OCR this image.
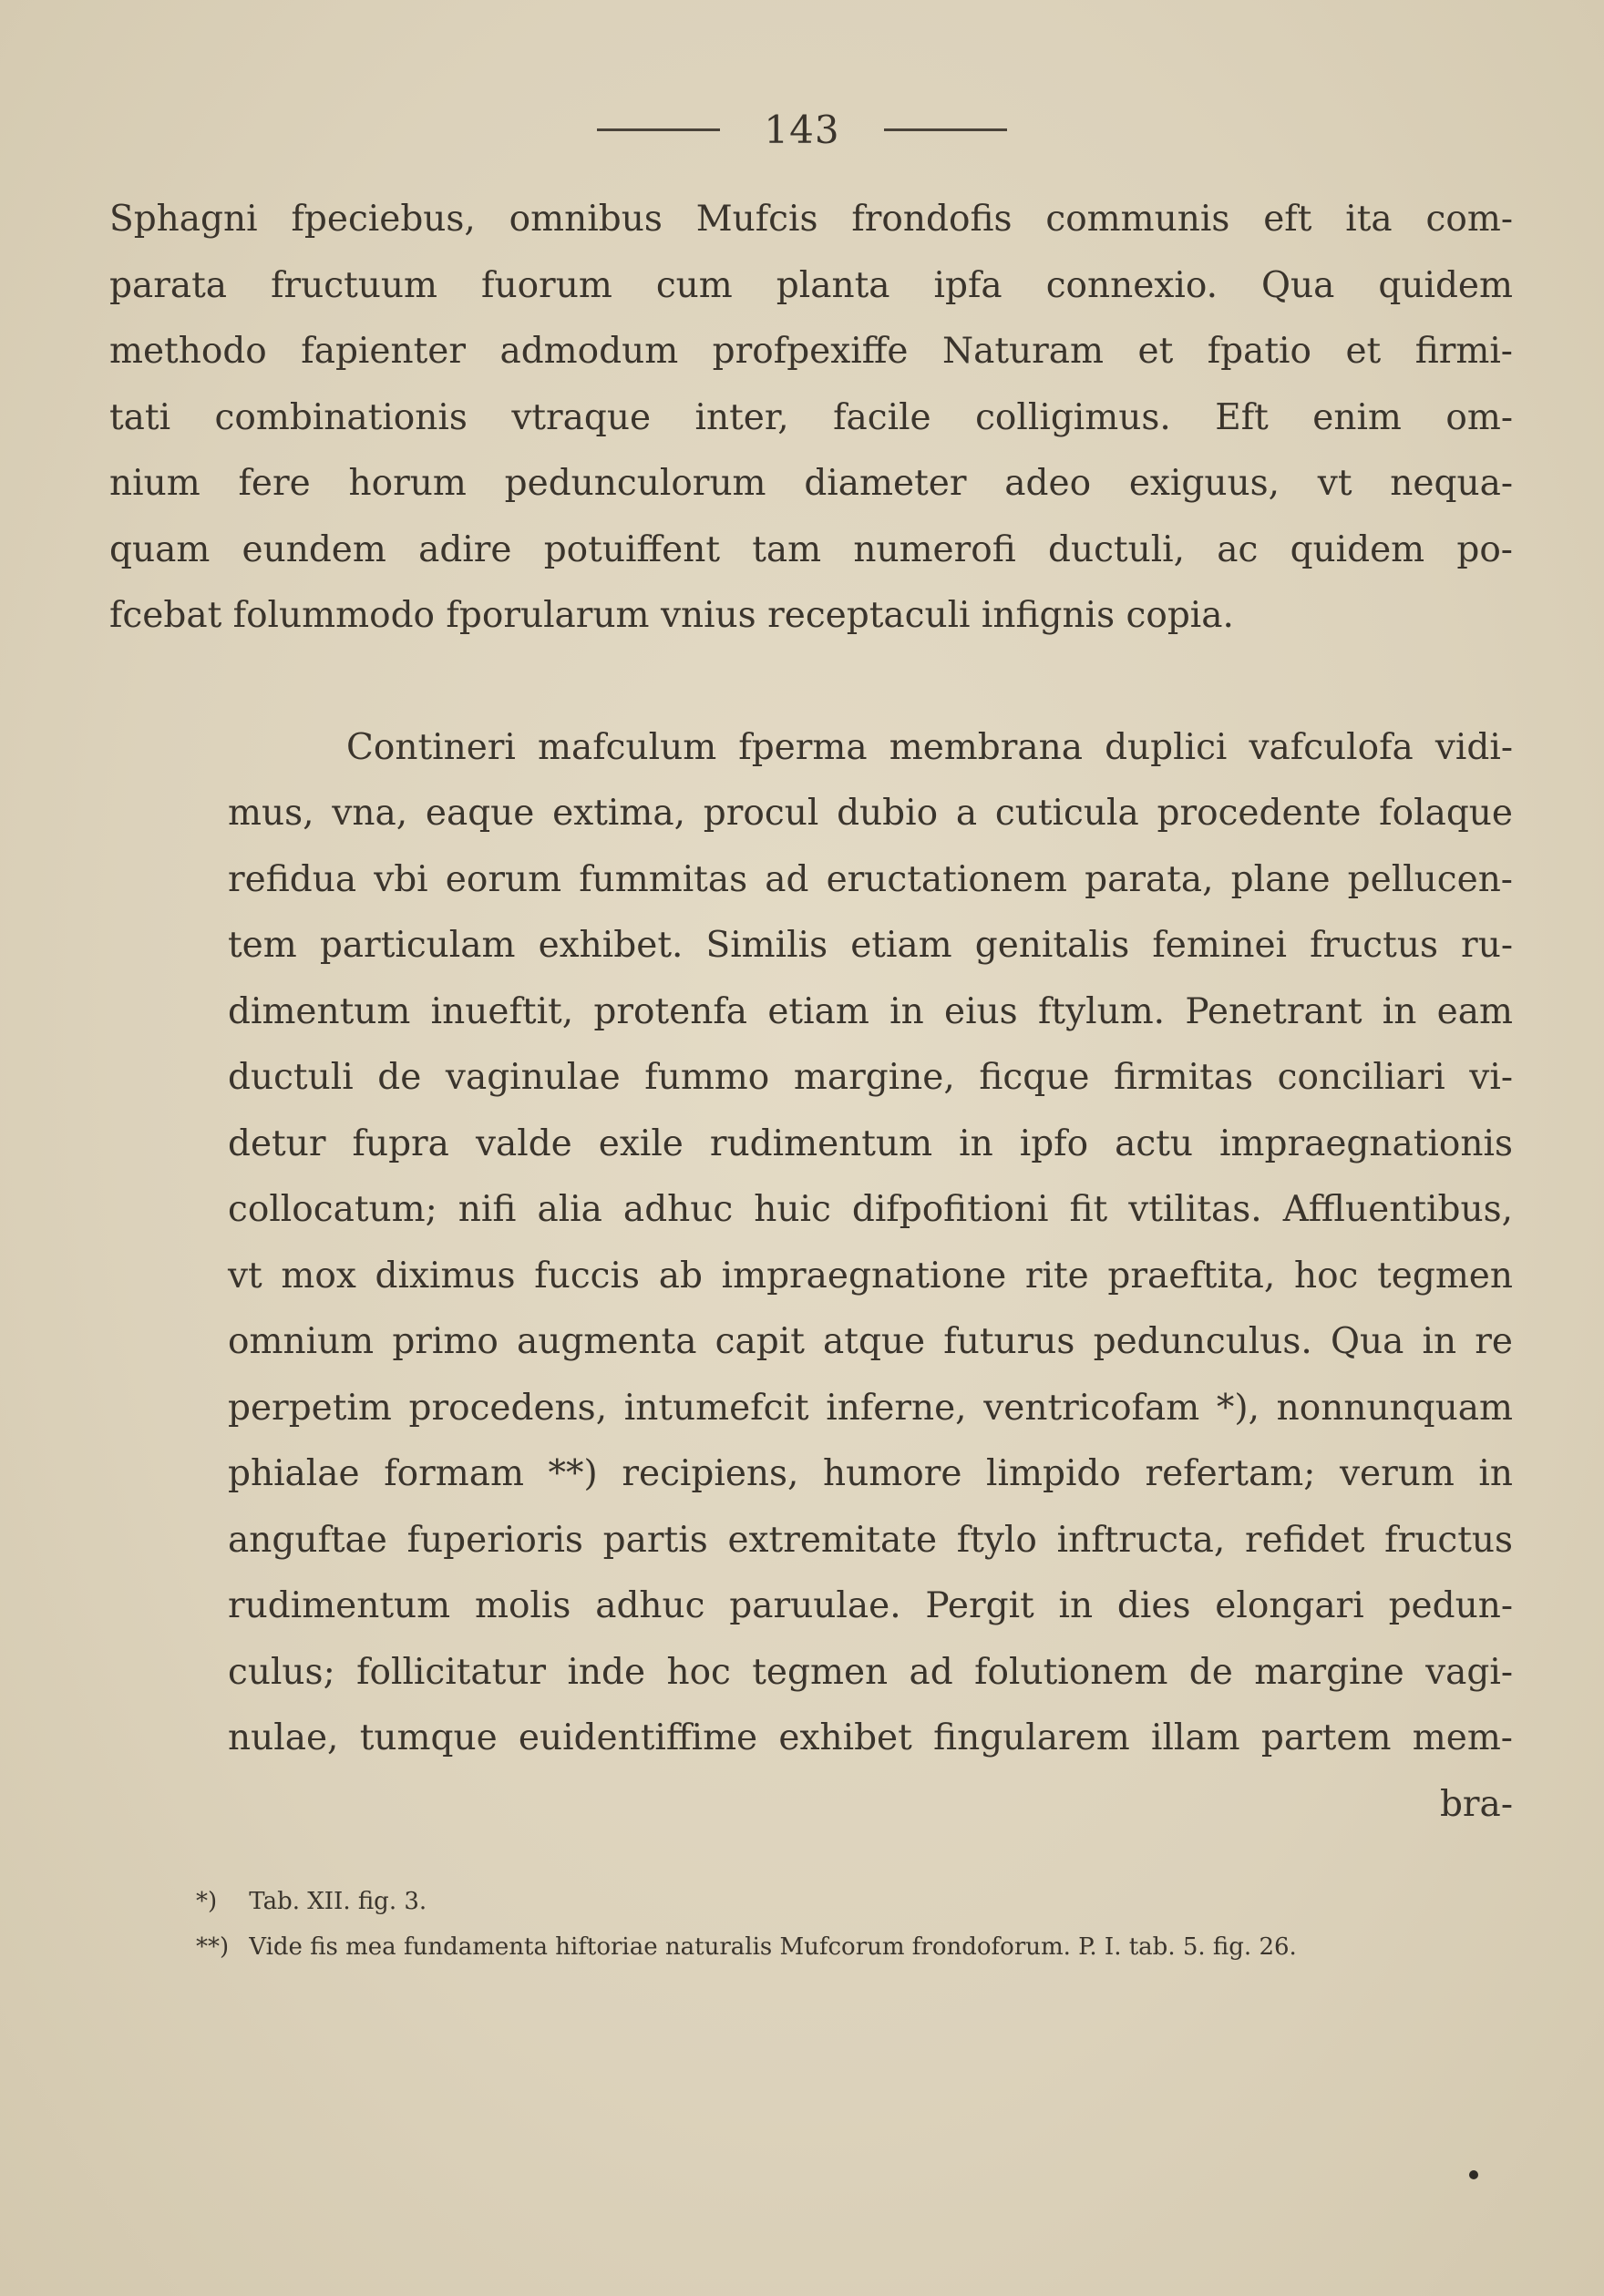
143

Sphagni fpeciebus, omnibus Mufcis frondofis communis eft ita com-
parata fructuum fuorum cum planta ipfa connexio. Qua quidem
methodo fapienter admodum profpexiffe Naturam et fpatio et firmi-
tati combinationis vtraque inter, facile colligimus. Eft enim om-
nium fere horum pedunculorum diameter adeo exiguus, vt nequa-
quam eundem adire potuiffent tam numerofi ductuli, ac quidem po-
fcebat folummodo fporularum vnius receptaculi infignis copia.

Contineri mafculum fperma membrana duplici vafculofa vidi-
mus, vna, eaque extima, procul dubio a cuticula procedente folaque
refidua vbi eorum fummitas ad eructationem parata, plane pellucen-
tem particulam exhibet. Similis etiam genitalis feminei fructus ru-
dimentum inueftit, protenfa etiam in eius ftylum. Penetrant in eam
ductuli de vaginulae fummo margine, ficque firmitas conciliari vi-
detur fupra valde exile rudimentum in ipfo actu impraegnationis
collocatum; nifi alia adhuc huic difpofitioni fit vtilitas. Affluentibus,
vt mox diximus fuccis ab impraegnatione rite praeftita, hoc tegmen
omnium primo augmenta capit atque futurus pedunculus. Qua in re
perpetim procedens, intumefcit inferne, ventricofam *), nonnunquam
phialae formam **) recipiens, humore limpido refertam; verum in
anguftae fuperioris partis extremitate ftylo inftructa, refidet fructus
rudimentum molis adhuc paruulae. Pergit in dies elongari pedun-
culus; follicitatur inde hoc tegmen ad folutionem de margine vagi-
nulae, tumque euidentiffime exhibet fingularem illam partem mem-
bra-

*) Tab. XII. fig. 3.
**) Vide fis mea fundamenta hiftoriae naturalis Mufcorum frondoforum. P. I. tab. 5. fig. 26.
